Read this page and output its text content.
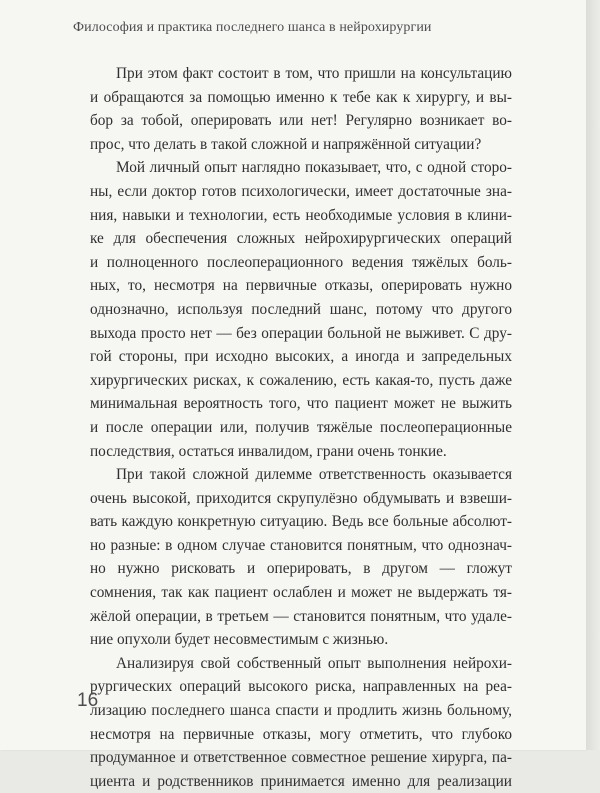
Философия и практика последнего шанса в нейрохирургии
При этом факт состоит в том, что пришли на консультацию
и обращаются за помощью именно к тебе как к хирургу, и вы-
бор за тобой, оперировать или нет! Регулярно возникает во-
прос, что делать в такой сложной и напряжённой ситуации?
Мой личный опыт наглядно показывает, что, с одной сторо-
ны, если доктор готов психологически, имеет достаточные зна-
ния, навыки и технологии, есть необходимые условия в клини-
ке для обеспечения сложных нейрохирургических операций
и полноценного послеоперационного ведения тяжёлых боль-
ных, то, несмотря на первичные отказы, оперировать нужно
однозначно, используя последний шанс, потому что другого
выхода просто нет — без операции больной не выживет. С дру-
гой стороны, при исходно высоких, а иногда и запредельных
хирургических рисках, к сожалению, есть какая-то, пусть даже
минимальная вероятность того, что пациент может не выжить
и после операции или, получив тяжёлые послеоперационные
последствия, остаться инвалидом, грани очень тонкие.
При такой сложной дилемме ответственность оказывается
очень высокой, приходится скрупулёзно обдумывать и взвеши-
вать каждую конкретную ситуацию. Ведь все больные абсолют-
но разные: в одном случае становится понятным, что однознач-
но нужно рисковать и оперировать, в другом — гложут
сомнения, так как пациент ослаблен и может не выдержать тя-
жёлой операции, в третьем — становится понятным, что удале-
ние опухоли будет несовместимым с жизнью.
Анализируя свой собственный опыт выполнения нейрохи-
рургических операций высокого риска, направленных на реа-
лизацию последнего шанса спасти и продлить жизнь больному,
несмотря на первичные отказы, могу отметить, что глубоко
продуманное и ответственное совместное решение хирурга, па-
циента и родственников принимается именно для реализации
16
